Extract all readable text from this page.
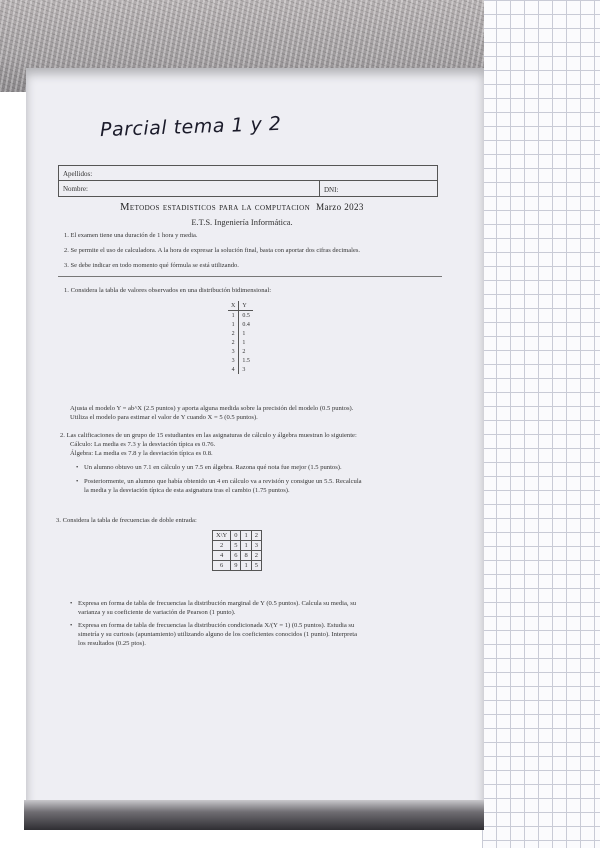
Parcial tema 1 y 2
Apellidos:
Nombre:	DNI:
Metodos estadisticos para la computacion Marzo 2023
E.T.S. Ingeniería Informática.
1. El examen tiene una duración de 1 hora y media.
2. Se permite el uso de calculadora. A la hora de expresar la solución final, basta con aportar dos cifras decimales.
3. Se debe indicar en todo momento qué fórmula se está utilizando.
1. Considera la tabla de valores observados en una distribución bidimensional:
X	Y
1	0.5
1	0.4
2	1
2	1
3	2
3	1.5
4	3
Ajusta el modelo Y = ab^X (2.5 puntos) y aporta alguna medida sobre la precisión del modelo (0.5 puntos).
Utiliza el modelo para estimar el valor de Y cuando X = 5 (0.5 puntos).
2. Las calificaciones de un grupo de 15 estudiantes en las asignaturas de cálculo y álgebra muestran lo siguiente:
Cálculo: La media es 7.3 y la desviación típica es 0.76.
Álgebra: La media es 7.8 y la desviación típica es 0.8.
• Un alumno obtuvo un 7.1 en cálculo y un 7.5 en álgebra. Razona qué nota fue mejor (1.5 puntos).
• Posteriormente, un alumno que había obtenido un 4 en cálculo va a revisión y consigue un 5.5. Recalcula
la media y la desviación típica de esta asignatura tras el cambio (1.75 puntos).
3. Considera la tabla de frecuencias de doble entrada:
X\Y	0	1	2
2	5	1	3
4	6	8	2
6	9	1	5
• Expresa en forma de tabla de frecuencias la distribución marginal de Y (0.5 puntos). Calcula su media, su
varianza y su coeficiente de variación de Pearson (1 punto).
• Expresa en forma de tabla de frecuencias la distribución condicionada X/(Y = 1) (0.5 puntos). Estudia su
simetría y su curtosis (apuntamiento) utilizando alguno de los coeficientes conocidos (1 punto). Interpreta
los resultados (0.25 ptos).
